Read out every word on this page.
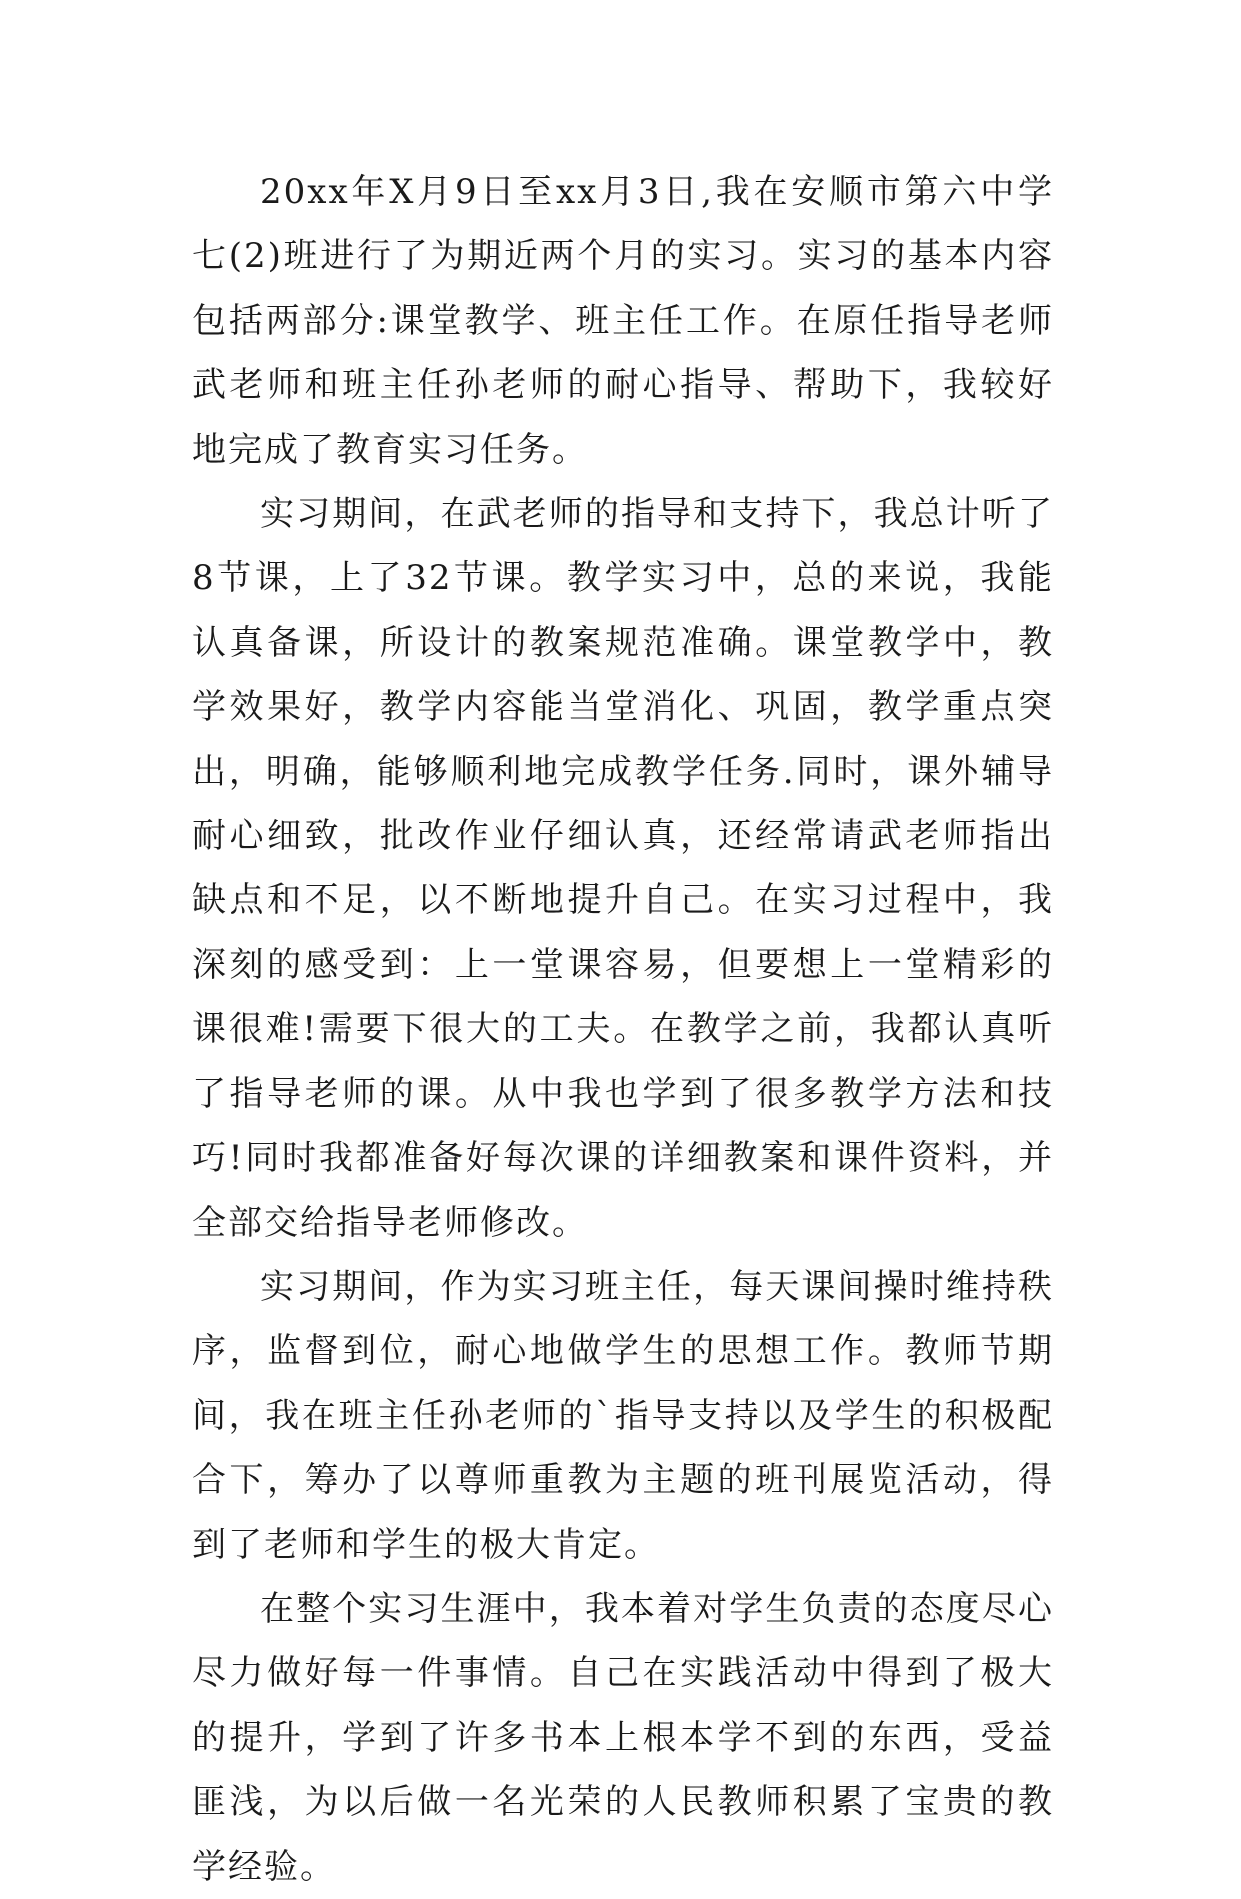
20xx年X月9日至xx月3日,我在安顺市第六中学七(2)班进行了为期近两个月的实习。实习的基本内容包括两部分:课堂教学、班主任工作。在原任指导老师武老师和班主任孙老师的耐心指导、帮助下，我较好地完成了教育实习任务。

实习期间，在武老师的指导和支持下，我总计听了8节课，上了32节课。教学实习中，总的来说，我能认真备课，所设计的教案规范准确。课堂教学中，教学效果好，教学内容能当堂消化、巩固，教学重点突出，明确，能够顺利地完成教学任务.同时，课外辅导耐心细致，批改作业仔细认真，还经常请武老师指出缺点和不足，以不断地提升自己。在实习过程中，我深刻的感受到：上一堂课容易，但要想上一堂精彩的课很难!需要下很大的工夫。在教学之前，我都认真听了指导老师的课。从中我也学到了很多教学方法和技巧!同时我都准备好每次课的详细教案和课件资料，并全部交给指导老师修改。

实习期间，作为实习班主任，每天课间操时维持秩序，监督到位，耐心地做学生的思想工作。教师节期间，我在班主任孙老师的`指导支持以及学生的积极配合下，筹办了以尊师重教为主题的班刊展览活动，得到了老师和学生的极大肯定。

在整个实习生涯中，我本着对学生负责的态度尽心尽力做好每一件事情。自己在实践活动中得到了极大的提升，学到了许多书本上根本学不到的东西，受益匪浅，为以后做一名光荣的人民教师积累了宝贵的教学经验。
